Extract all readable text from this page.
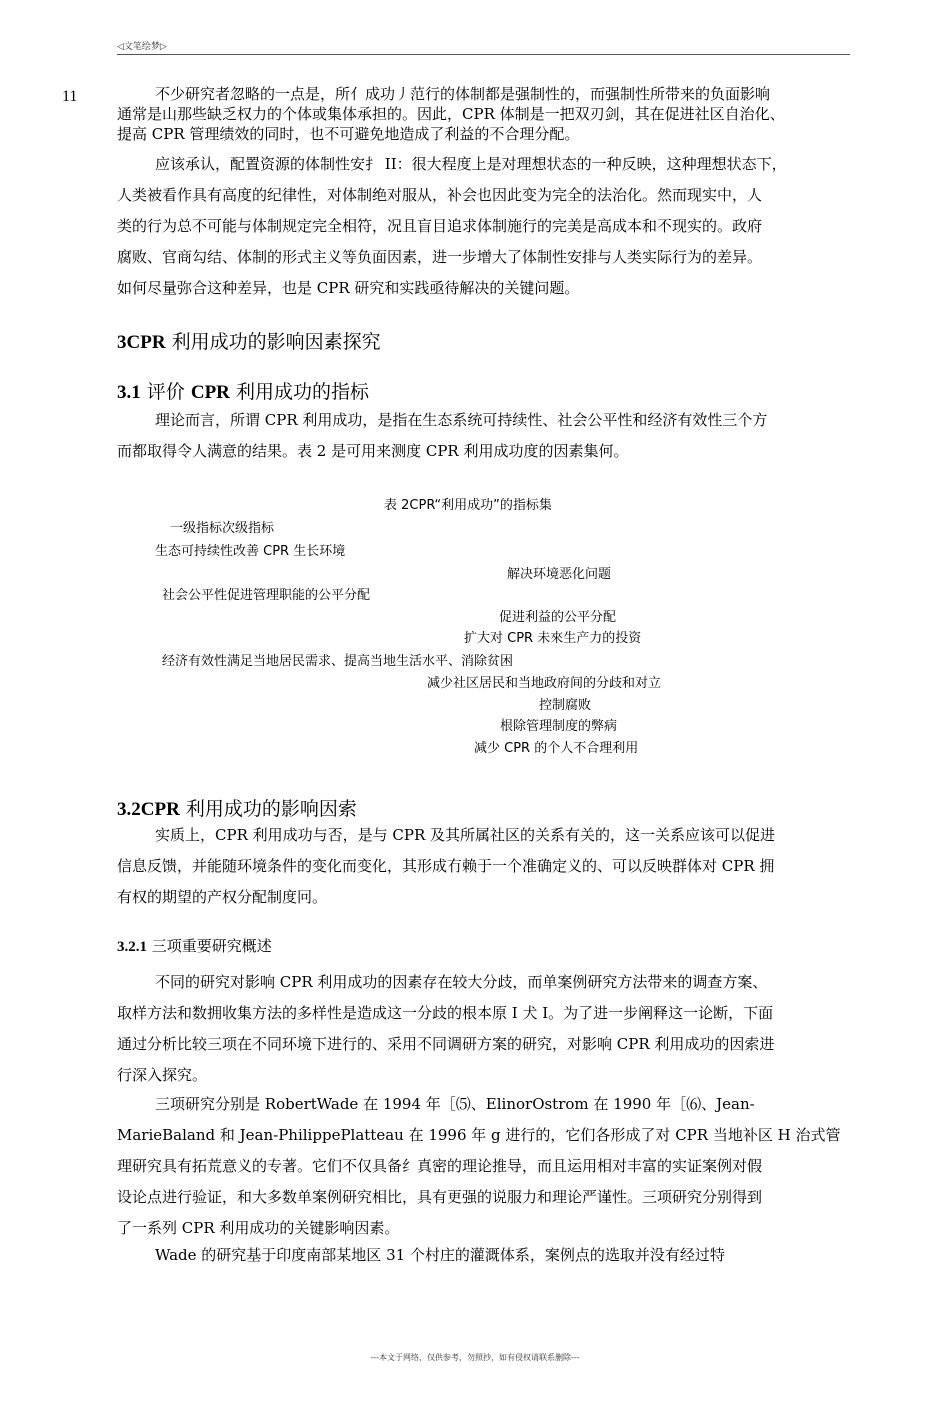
◁文笔绘梦▷
11	不少研究者忽略的一点是，所亻成功丿范行的体制都是强制性的，而强制性所带来的负面影响

通常是山那些缺乏权力的个体或集体承担的。因此，CPR 体制是一把双刃剑，其在促进社区自治化、

提高 CPR 管理绩效的同时，也不可避免地造成了利益的不合理分配。

应该承认，配置资源的体制性安扌 II：很大程度上是对理想状态的一种反映，这种理想状态下，

人类被看作具有高度的纪律性，对体制绝对服从，补会也因此变为完全的法治化。然而现实中，人

类的行为总不可能与体制规定完全相符，况且盲目追求体制施行的完美是高成本和不现实的。政府

腐败、官商勾结、体制的形式主义等负面因素，进一步增大了体制性安排与人类实际行为的差异。

如何尽量弥合这种差异，也是 CPR 研究和实践亟待解决的关键问题。

3CPR 利用成功的影响因素探究
3.1 评价 CPR 利用成功的指标

理论而言，所谓 CPR 利用成功，是指在生态系统可持续性、社会公平性和经济有效性三个方

而都取得令人满意的结果。表 2 是可用来测度 CPR 利用成功度的因素集何。

表 2CPR“利用成功”的指标集
一级指标次级指标
生态可持续性改善 CPR 生长环境
解决环境恶化问题
社会公平性促进管理职能的公平分配
促进利益的公平分配
扩大对 CPR 未來生产力的投资
经济有效性满足当地居民需求、提高当地生活水平、消除贫困
减少社区居民和当地政府间的分歧和对立
控制腐败
根除管理制度的弊病
减少 CPR 的个人不合理利用
3.2CPR 利用成功的影响因索

实质上，CPR 利用成功与否，是与 CPR 及其所属社区的关系有关的，这一关系应该可以促进

信息反馈，并能随环境条件的变化而变化，其形成冇赖于一个准确定义的、可以反映群体对 CPR 拥

有权的期望的产权分配制度冋。

3.2.1 三项重要研究概述

不同的研究对影响 CPR 利用成功的因素存在较大分歧，而单案例研究方法带来的调查方案、

取样方法和数拥收集方法的多样性是造成这一分歧的根本原 I 犬 I。为了进一步阐释这一论断，下面

通过分析比较三项在不同环境下进行的、采用不同调研方案的研究，对影响 CPR 利用成功的因索进

行深入探究。

三项研究分别是 RobertWade 在 1994 年［⑸、ElinorOstrom 在 1990 年［⑹、Jean-

MarieBaland 和 Jean-PhilippePlatteau 在 1996 年 g 进行的，它们各形成了对 CPR 当地补区 H 治式管

理研究具有拓荒意义的专著。它们不仅具备纟真密的理论推导，而且运用相对丰富的实证案例对假

设论点进行验证，和大多数单案例研究相比，具有更强的说服力和理论严谨性。三项研究分别得到

了一系列 CPR 利用成功的关键影响因素。

Wade 的研究基于印度南部某地区 31 个村庄的灌溉体系，案例点的选取并没有经过特

---本文于网络，仅供参考，勿照抄，如有侵权请联系删除---
